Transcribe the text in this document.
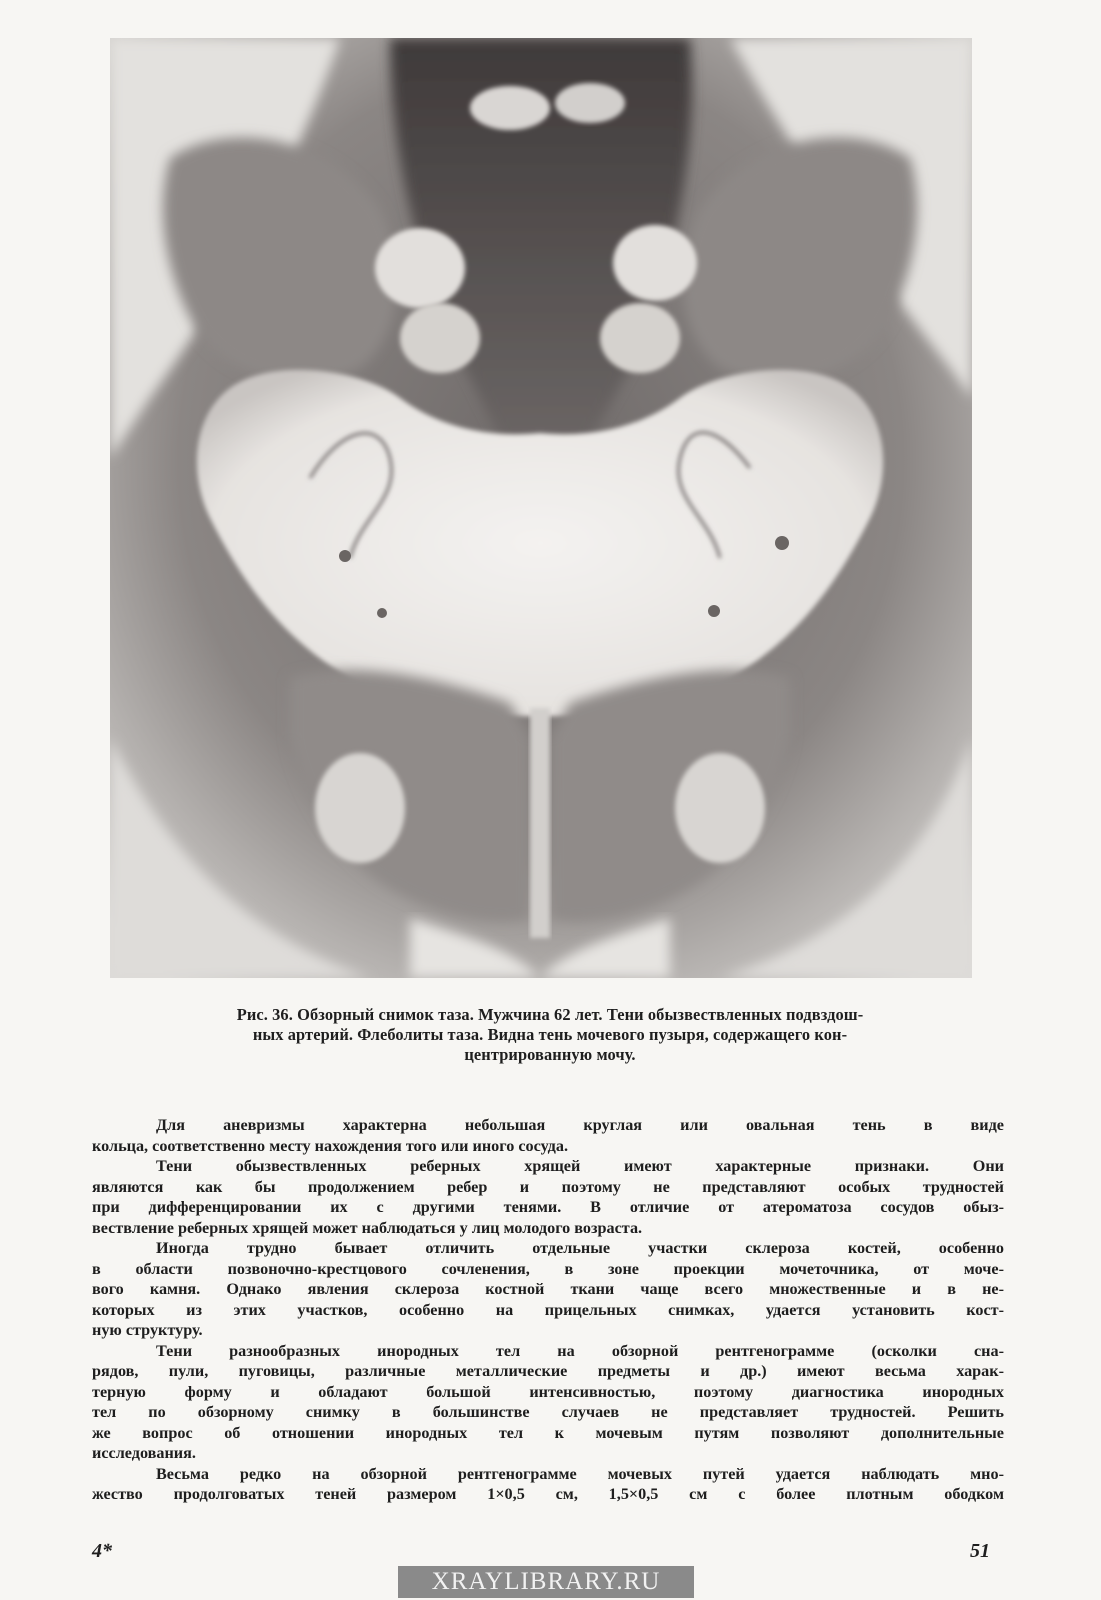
Рис. 36. Обзорный снимок таза. Мужчина 62 лет. Тени обызвествленных подвздош-
ных артерий. Флеболиты таза. Видна тень мочевого пузыря, содержащего кон-
центрированную мочу.
Для аневризмы характерна небольшая круглая или овальная тень в виде
кольца, соответственно месту нахождения того или иного сосуда.
Тени обызвествленных реберных хрящей имеют характерные признаки. Они
являются как бы продолжением ребер и поэтому не представляют особых трудностей
при дифференцировании их с другими тенями. В отличие от атероматоза сосудов обыз-
вествление реберных хрящей может наблюдаться у лиц молодого возраста.
Иногда трудно бывает отличить отдельные участки склероза костей, особенно
в области позвоночно-крестцового сочленения, в зоне проекции мочеточника, от моче-
вого камня. Однако явления склероза костной ткани чаще всего множественные и в не-
которых из этих участков, особенно на прицельных снимках, удается установить кост-
ную структуру.
Тени разнообразных инородных тел на обзорной рентгенограмме (осколки сна-
рядов, пули, пуговицы, различные металлические предметы и др.) имеют весьма харак-
терную форму и обладают большой интенсивностью, поэтому диагностика инородных
тел по обзорному снимку в большинстве случаев не представляет трудностей. Решить
же вопрос об отношении инородных тел к мочевым путям позволяют дополнительные
исследования.
Весьма редко на обзорной рентгенограмме мочевых путей удается наблюдать мно-
жество продолговатых теней размером 1×0,5 см, 1,5×0,5 см с более плотным ободком
4*	51
XRAYLIBRARY.RU
